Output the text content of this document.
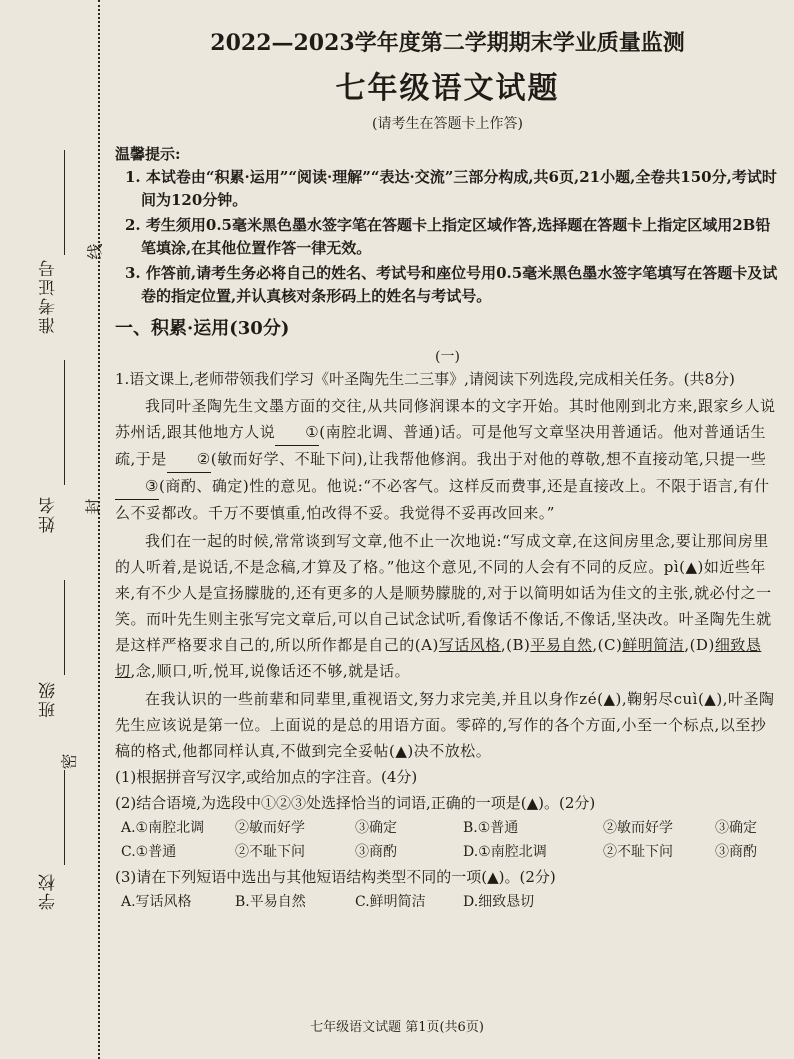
线
封
密
准考证号
姓名
班级
学校
2022—2023学年度第二学期期末学业质量监测
七年级语文试题
(请考生在答题卡上作答)
温馨提示:
1. 本试卷由“积累·运用”“阅读·理解”“表达·交流”三部分构成,共6页,21小题,全卷共150分,考试时间为120分钟。
2. 考生须用0.5毫米黑色墨水签字笔在答题卡上指定区域作答,选择题在答题卡上指定区域用2B铅笔填涂,在其他位置作答一律无效。
3. 作答前,请考生务必将自己的姓名、考试号和座位号用0.5毫米黑色墨水签字笔填写在答题卡及试卷的指定位置,并认真核对条形码上的姓名与考试号。
一、积累·运用(30分)
(一)
1.语文课上,老师带领我们学习《叶圣陶先生二三事》,请阅读下列选段,完成相关任务。(共8分)
我同叶圣陶先生文墨方面的交往,从共同修润课本的文字开始。其时他刚到北方来,跟家乡人说苏州话,跟其他地方人说 ①(南腔北调、普通)话。可是他写文章坚决用普通话。他对普通话生疏,于是 ②(敏而好学、不耻下问),让我帮他修润。我出于对他的尊敬,想不直接动笔,只提一些③(商酌、确定)性的意见。他说:“不必客气。这样反而费事,还是直接改上。不限于语言,有什么不妥都改。千万不要慎重,怕改得不妥。我觉得不妥再改回来。”
我们在一起的时候,常常谈到写文章,他不止一次地说:“写成文章,在这间房里念,要让那间房里的人听着,是说话,不是念稿,才算及了格。”他这个意见,不同的人会有不同的反应。pì(▲)如近些年来,有不少人是宣扬朦胧的,还有更多的人是顺势朦胧的,对于以简明如话为佳文的主张,就必付之一笑。而叶先生则主张写完文章后,可以自己试念试听,看像话不像话,不像话,坚决改。叶圣陶先生就是这样严格要求自己的,所以所作都是自己的(A)写话风格,(B)平易自然,(C)鲜明简洁,(D)细致恳切,念,顺口,听,悦耳,说像话还不够,就是话。
在我认识的一些前辈和同辈里,重视语文,努力求完美,并且以身作zé(▲),鞠躬尽cuì(▲),叶圣陶先生应该说是第一位。上面说的是总的用语方面。零碎的,写作的各个方面,小至一个标点,以至抄稿的格式,他都同样认真,不做到完全妥帖(▲)决不放松。
(1)根据拼音写汉字,或给加点的字注音。(4分)
(2)结合语境,为选段中①②③处选择恰当的词语,正确的一项是(▲)。(2分)
A.①南腔北调 ②敏而好学	③确定	B.①普通	②敏而好学	③确定
C.①普通	②不耻下问	③商酌	D.①南腔北调	②不耻下问	③商酌
(3)请在下列短语中选出与其他短语结构类型不同的一项(▲)。(2分)
A.写话风格	B.平易自然	C.鲜明简洁	D.细致恳切
七年级语文试题 第1页(共6页)
